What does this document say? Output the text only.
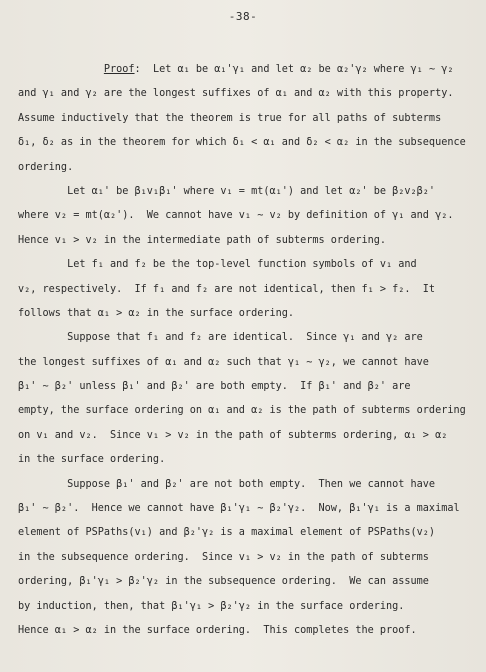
-38-
Proof:  Let α₁ be α₁'γ₁ and let α₂ be α₂'γ₂ where γ₁ ∼ γ₂
and γ₁ and γ₂ are the longest suffixes of α₁ and α₂ with this property.
Assume inductively that the theorem is true for all paths of subterms
δ₁, δ₂ as in the theorem for which δ₁ < α₁ and δ₂ < α₂ in the subsequence
ordering.
Let α₁' be β₁v₁β₁' where v₁ = mt(α₁') and let α₂' be β₂v₂β₂'
where v₂ = mt(α₂').  We cannot have v₁ ∼ v₂ by definition of γ₁ and γ₂.
Hence v₁ > v₂ in the intermediate path of subterms ordering.
Let f₁ and f₂ be the top-level function symbols of v₁ and
v₂, respectively.  If f₁ and f₂ are not identical, then f₁ > f₂.  It
follows that α₁ > α₂ in the surface ordering.
Suppose that f₁ and f₂ are identical.  Since γ₁ and γ₂ are
the longest suffixes of α₁ and α₂ such that γ₁ ∼ γ₂, we cannot have
β₁' ∼ β₂' unless β₁' and β₂' are both empty.  If β₁' and β₂' are
empty, the surface ordering on α₁ and α₂ is the path of subterms ordering
on v₁ and v₂.  Since v₁ > v₂ in the path of subterms ordering, α₁ > α₂
in the surface ordering.
Suppose β₁' and β₂' are not both empty.  Then we cannot have
β₁' ∼ β₂'.  Hence we cannot have β₁'γ₁ ∼ β₂'γ₂.  Now, β₁'γ₁ is a maximal
element of PSPaths(v₁) and β₂'γ₂ is a maximal element of PSPaths(v₂)
in the subsequence ordering.  Since v₁ > v₂ in the path of subterms
ordering, β₁'γ₁ > β₂'γ₂ in the subsequence ordering.  We can assume
by induction, then, that β₁'γ₁ > β₂'γ₂ in the surface ordering.
Hence α₁ > α₂ in the surface ordering.  This completes the proof.
